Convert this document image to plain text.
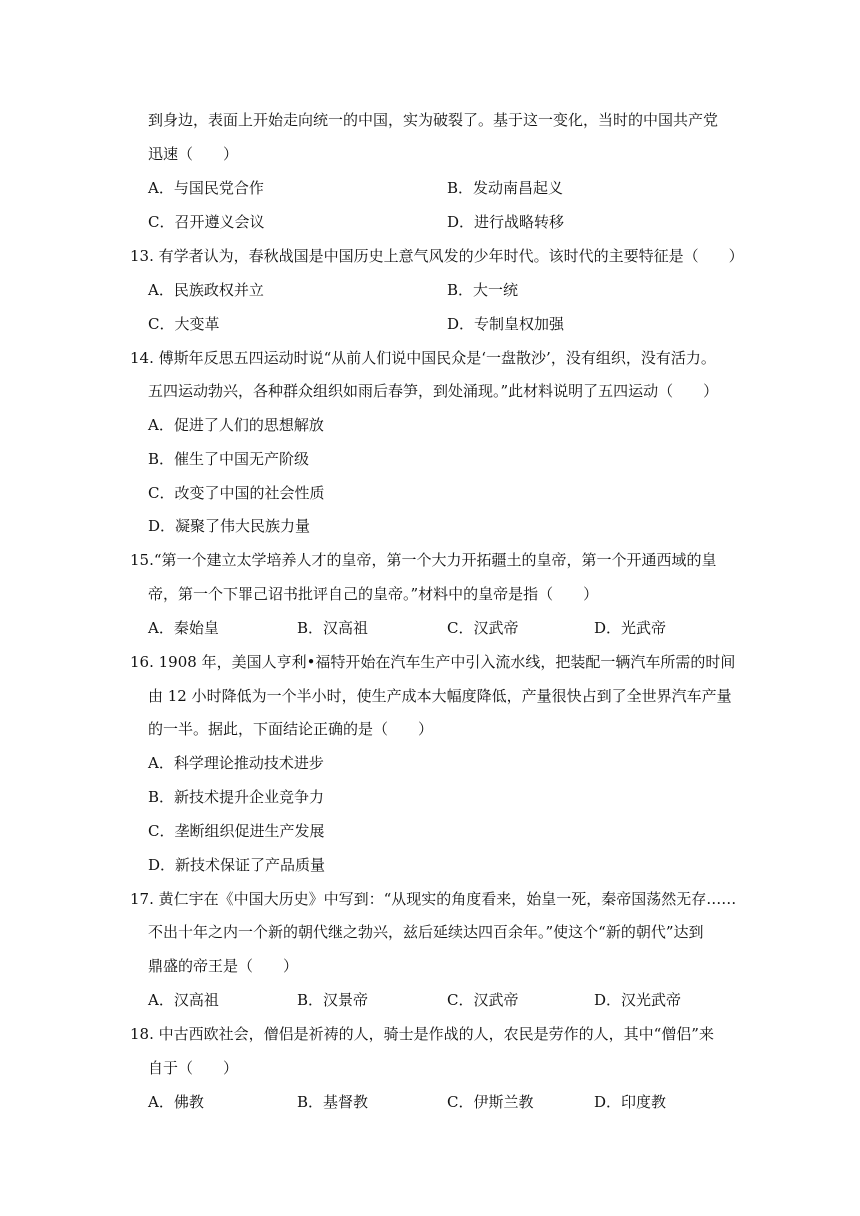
到身边，表面上开始走向统一的中国，实为破裂了。基于这一变化，当时的中国共产党
迅速（　　）
A．与国民党合作	B．发动南昌起义
C．召开遵义会议	D．进行战略转移
13. 有学者认为，春秋战国是中国历史上意气风发的少年时代。该时代的主要特征是（　　）
A．民族政权并立	B．大一统
C．大变革	D．专制皇权加强
14. 傅斯年反思五四运动时说“从前人们说中国民众是‘一盘散沙’，没有组织，没有活力。
五四运动勃兴，各种群众组织如雨后春笋，到处涌现。”此材料说明了五四运动（　　）
A．促进了人们的思想解放
B．催生了中国无产阶级
C．改变了中国的社会性质
D．凝聚了伟大民族力量
15.“第一个建立太学培养人才的皇帝，第一个大力开拓疆土的皇帝，第一个开通西域的皇
帝，第一个下罪己诏书批评自己的皇帝。”材料中的皇帝是指（　　）
A．秦始皇	B．汉高祖	C．汉武帝	D．光武帝
16. 1908 年，美国人亨利•福特开始在汽车生产中引入流水线，把装配一辆汽车所需的时间
由 12 小时降低为一个半小时，使生产成本大幅度降低，产量很快占到了全世界汽车产量
的一半。据此，下面结论正确的是（　　）
A．科学理论推动技术进步
B．新技术提升企业竞争力
C．垄断组织促进生产发展
D．新技术保证了产品质量
17. 黄仁宇在《中国大历史》中写到：“从现实的角度看来，始皇一死，秦帝国荡然无存……
不出十年之内一个新的朝代继之勃兴，兹后延续达四百余年。”使这个“新的朝代”达到
鼎盛的帝王是（　　）
A．汉高祖	B．汉景帝	C．汉武帝	D．汉光武帝
18. 中古西欧社会，僧侣是祈祷的人，骑士是作战的人，农民是劳作的人，其中“僧侣”来
自于（　　）
A．佛教	B．基督教	C．伊斯兰教	D．印度教
